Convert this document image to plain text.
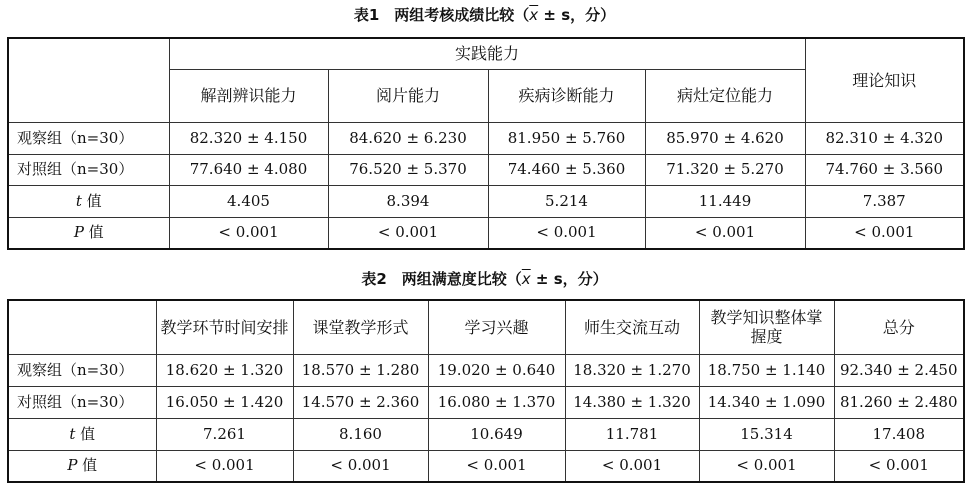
表1　两组考核成绩比较（$\overline{x} \pm s$，分）
	实践能力				理论知识
	解剖辨识能力	阅片能力	疾病诊断能力	病灶定位能力	
观察组（n=30）	82.320 ± 4.150	84.620 ± 6.230	81.950 ± 5.760	85.970 ± 4.620	82.310 ± 4.320
对照组（n=30）	77.640 ± 4.080	76.520 ± 5.370	74.460 ± 5.360	71.320 ± 5.270	74.760 ± 3.560
t 值	4.405	8.394	5.214	11.449	7.387
P 值	< 0.001	< 0.001	< 0.001	< 0.001	< 0.001
表2　两组满意度比较（$\overline{x} \pm s$，分）
	教学环节时间安排	课堂教学形式	学习兴趣	师生交流互动	教学知识整体掌握度	总分
观察组（n=30）	18.620 ± 1.320	18.570 ± 1.280	19.020 ± 0.640	18.320 ± 1.270	18.750 ± 1.140	92.340 ± 2.450
对照组（n=30）	16.050 ± 1.420	14.570 ± 2.360	16.080 ± 1.370	14.380 ± 1.320	14.340 ± 1.090	81.260 ± 2.480
t 值	7.261	8.160	10.649	11.781	15.314	17.408
P 值	< 0.001	< 0.001	< 0.001	< 0.001	< 0.001	< 0.001
